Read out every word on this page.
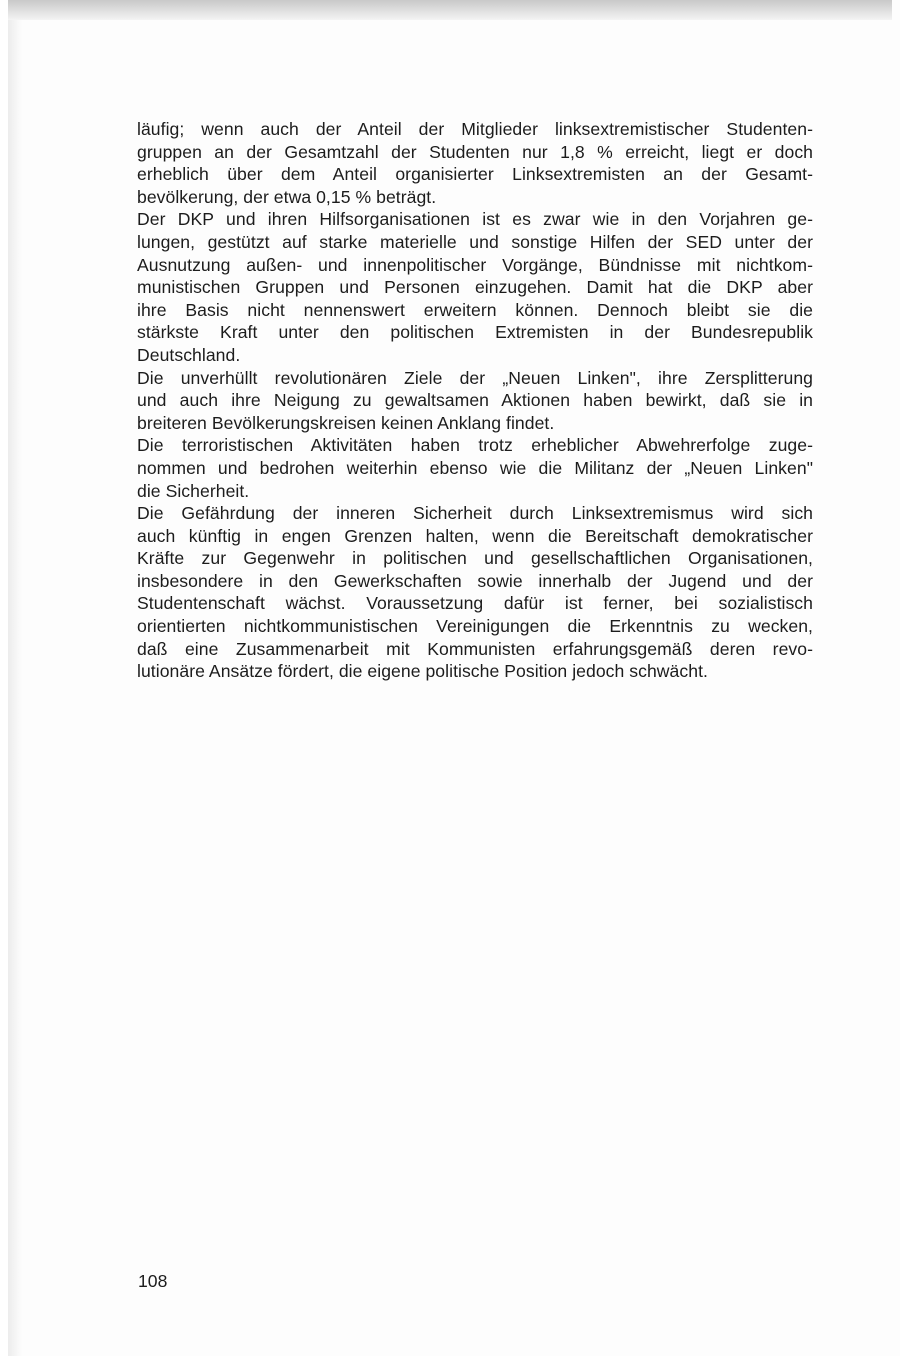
läufig; wenn auch der Anteil der Mitglieder linksextremistischer Studenten-
gruppen an der Gesamtzahl der Studenten nur 1,8 % erreicht, liegt er doch
erheblich über dem Anteil organisierter Linksextremisten an der Gesamt-
bevölkerung, der etwa 0,15 % beträgt.
Der DKP und ihren Hilfsorganisationen ist es zwar wie in den Vorjahren ge-
lungen, gestützt auf starke materielle und sonstige Hilfen der SED unter der
Ausnutzung außen- und innenpolitischer Vorgänge, Bündnisse mit nichtkom-
munistischen Gruppen und Personen einzugehen. Damit hat die DKP aber
ihre Basis nicht nennenswert erweitern können. Dennoch bleibt sie die
stärkste Kraft unter den politischen Extremisten in der Bundesrepublik
Deutschland.
Die unverhüllt revolutionären Ziele der „Neuen Linken", ihre Zersplitterung
und auch ihre Neigung zu gewaltsamen Aktionen haben bewirkt, daß sie in
breiteren Bevölkerungskreisen keinen Anklang findet.
Die terroristischen Aktivitäten haben trotz erheblicher Abwehrerfolge zuge-
nommen und bedrohen weiterhin ebenso wie die Militanz der „Neuen Linken"
die Sicherheit.
Die Gefährdung der inneren Sicherheit durch Linksextremismus wird sich
auch künftig in engen Grenzen halten, wenn die Bereitschaft demokratischer
Kräfte zur Gegenwehr in politischen und gesellschaftlichen Organisationen,
insbesondere in den Gewerkschaften sowie innerhalb der Jugend und der
Studentenschaft wächst. Voraussetzung dafür ist ferner, bei sozialistisch
orientierten nichtkommunistischen Vereinigungen die Erkenntnis zu wecken,
daß eine Zusammenarbeit mit Kommunisten erfahrungsgemäß deren revo-
lutionäre Ansätze fördert, die eigene politische Position jedoch schwächt.
108
